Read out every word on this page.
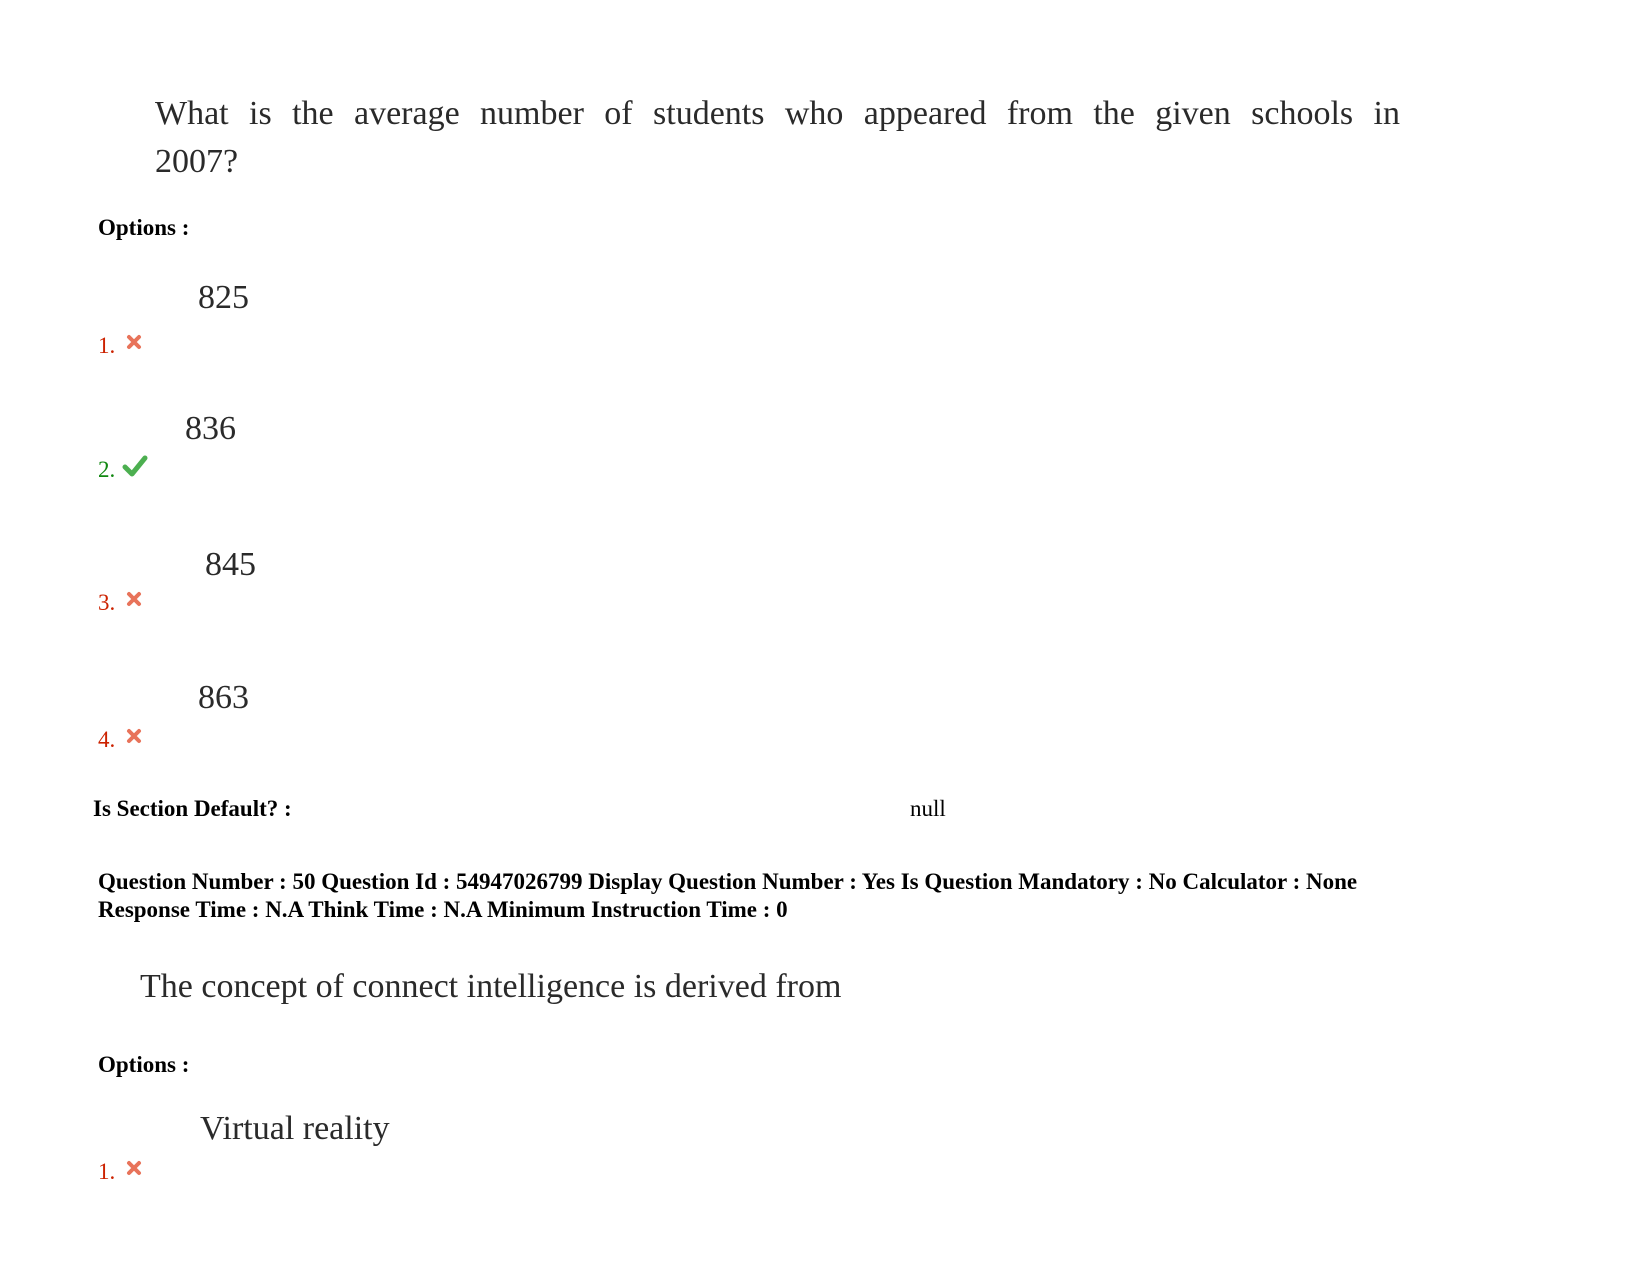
What is the average number of students who appeared from the given schools in
2007?
Options :
825
1.
836
2.
845
3.
863
4.
Is Section Default? :	null
Question Number : 50 Question Id : 54947026799 Display Question Number : Yes Is Question Mandatory : No Calculator : None
Response Time : N.A Think Time : N.A Minimum Instruction Time : 0
The concept of connect intelligence is derived from
Options :
Virtual reality
1.
